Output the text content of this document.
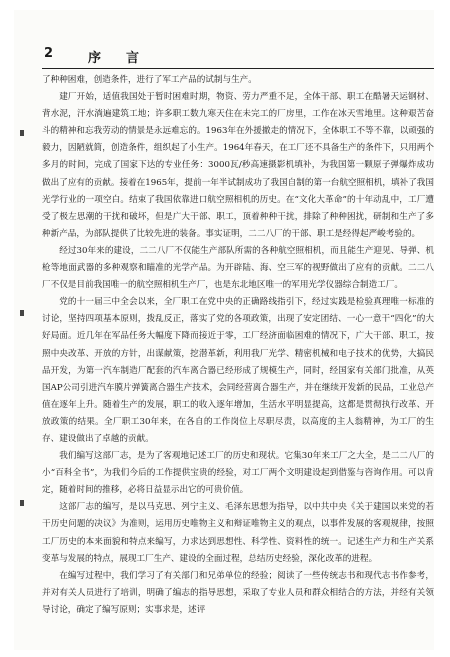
2	序　言

了种种困难，创造条件，进行了军工产品的试制与生产。

建厂开始，适值我国处于暂时困难时期，物资、劳力严重不足，全体干部、职工在酷暑天运钢材、背水泥，汗水淌遍建筑工地；许多职工数九寒天住在未完工的厂房里，工作在冰天雪地里。这种艰苦奋斗的精神和忘我劳动的情景是永远难忘的。1963年在外援撤走的情况下，全体职工不等不靠，以顽强的毅力，因陋就简，创造条件，组织起了小生产。1964年春天，在工厂还不具备生产的条件下，只用两个多月的时间，完成了国家下达的专业任务：3000瓦/秒高速摄影机填补，为我国第一颗原子弹爆炸成功做出了应有的贡献。接着在1965年，提前一年半试制成功了我国自制的第一台航空照相机，填补了我国光学行业的一项空白。结束了我国依靠进口航空照相机的历史。在“文化大革命”的十年动乱中，工厂遭受了极左思潮的干扰和破坏，但是广大干部、职工，顶着种种干扰，排除了种种困扰，研制和生产了多种新产品，为部队提供了比较先进的装备。事实证明，二二八厂的干部、职工是经得起严峻考验的。

经过30年来的建设，二二八厂不仅能生产部队所需的各种航空照相机，而且能生产迎见、导弹、机枪等地面武器的多种观察和瞄准的光学产品。为开辟陆、海、空三军的视野做出了应有的贡献。二二八厂不仅是目前我国唯一的航空照相机生产厂，也是东北地区唯一的军用光学仪器综合制造工厂。

党的十一届三中全会以来，全厂职工在党中央的正确路线指引下，经过实践是检验真理唯一标准的讨论，坚持四项基本原则，拨乱反正，落实了党的各项政策，出现了安定团结、一心一意干“四化”的大好局面。近几年在军品任务大幅度下降而接近于零，工厂经济面临困难的情况下，广大干部、职工，按照中央改革、开放的方针，出谋献策，挖潜革新，利用我厂光学、精密机械和电子技术的优势，大搞民品开发，为第一汽车制造厂配套的汽车离合器已经形成了规模生产，同时，经国家有关部门批准，从英国AP公司引进汽车膜片弹簧离合器生产技术，会同经营离合器生产，并在继续开发新的民品，工业总产值在逐年上升。随着生产的发展，职工的收入逐年增加，生活水平明显提高，这都是贯彻执行改革、开放政策的结果。全厂职工30年来，在各自的工作岗位上尽职尽责，以高度的主人翁精神，为工厂的生存、建设做出了卓越的贡献。

我们编写这部厂志，是为了客观地记述工厂的历史和现状。它集30年来工厂之大全，是二二八厂的小“百科全书”，为我们今后的工作提供宝贵的经验，对工厂两个文明建设起到借鉴与咨询作用。可以肯定，随着时间的推移，必将日益显示出它的可贵价值。

这部厂志的编写，是以马克思、列宁主义、毛泽东思想为指导，以中共中央《关于建国以来党的若干历史问题的决议》为准则，运用历史唯物主义和辩证唯物主义的观点，以事件发展的客观规律，按照工厂历史的本来面貌和特点来编写，力求达到思想性、科学性、资料性的统一。记述生产力和生产关系变革与发展的特点，展现工厂生产、建设的全面过程，总结历史经验，深化改革的进程。

在编写过程中，我们学习了有关部门和兄弟单位的经验；阅读了一些传统志书和现代志书作参考，并对有关人员进行了培训，明确了编志的指导思想，采取了专业人员和群众相结合的方法，并经有关领导讨论，确定了编写原则；实事求是，述评
